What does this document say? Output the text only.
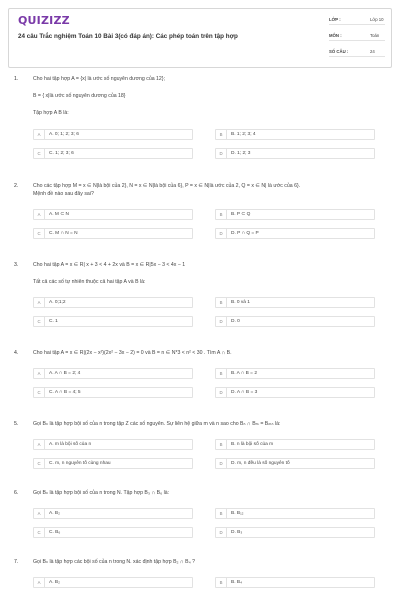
QUIZIZZ
24 câu Trắc nghiệm Toán 10 Bài 3(có đáp án): Các phép toán trên tập hợp
LỚP :	Lớp 10
MÔN :	Toán
SỐ CÂU :	24
1.	Cho hai tập hợp A = {x| là ước số nguyên dương của 12};
B = { x|là ước số nguyên dương của 18}
Tập hợp A B là:
A	A. 0; 1; 2; 3; 6	B	B. 1; 2; 3; 4
C	C. 1; 2; 3; 6	D	D. 1; 2; 3
2.	Cho các tập hợp M = x ∈ N|là bội của 2}, N = x ∈ N|là bội của 6}, P = x ∈ N|là ước của 2, Q = x ∈ N| là ước của 6}.
Mệnh đề nào sau đây sai?
A	A. M ⊂ N	B	B. P ⊂ Q
C	C. M ∩ N = N	D	D. P ∩ Q = P
3.	Cho hai tập A = x ∈ R| x + 3 < 4 + 2x và B = x ∈ R|5x − 3 < 4x − 1
Tất cả các số tự nhiên thuộc cả hai tập A và B là:
A	A. 0;1;2	B	B. 0 và 1
C	C. 1	D	D. 0
4.	Cho hai tập A = x ∈ R|(2x − x²)(2x² − 3x − 2) = 0 và B = n ∈ N*3 < n² < 30 . Tìm A ∩ B.
A	A. A ∩ B = 2; 4	B	B. A ∩ B = 2
C	C. A ∩ B = 4; 5	D	D. A ∩ B = 3
5.	Gọi Bₙ là tập hợp bội số của n trong tập Z các số nguyên. Sự liên hệ giữa m và n sao cho Bₙ ∩ Bₘ = Bₘₙ là:
A	A. m là bội số của n	B	B. n là bội số của m
C	C. m, n nguyên tố cùng nhau	D	D. m, n đều là số nguyên tố
6.	Gọi Bₙ là tập hợp bội số của n trong N. Tập hợp B₃ ∩ B₆ là:
A	A. B₂	B	B. B₁₂
C	C. B₆	D	D. B₃
7.	Gọi Bₙ là tập hợp các bội số của n trong N. xác định tập hợp B₂ ∩ B₄ ?
A	A. B₂	B	B. B₄
